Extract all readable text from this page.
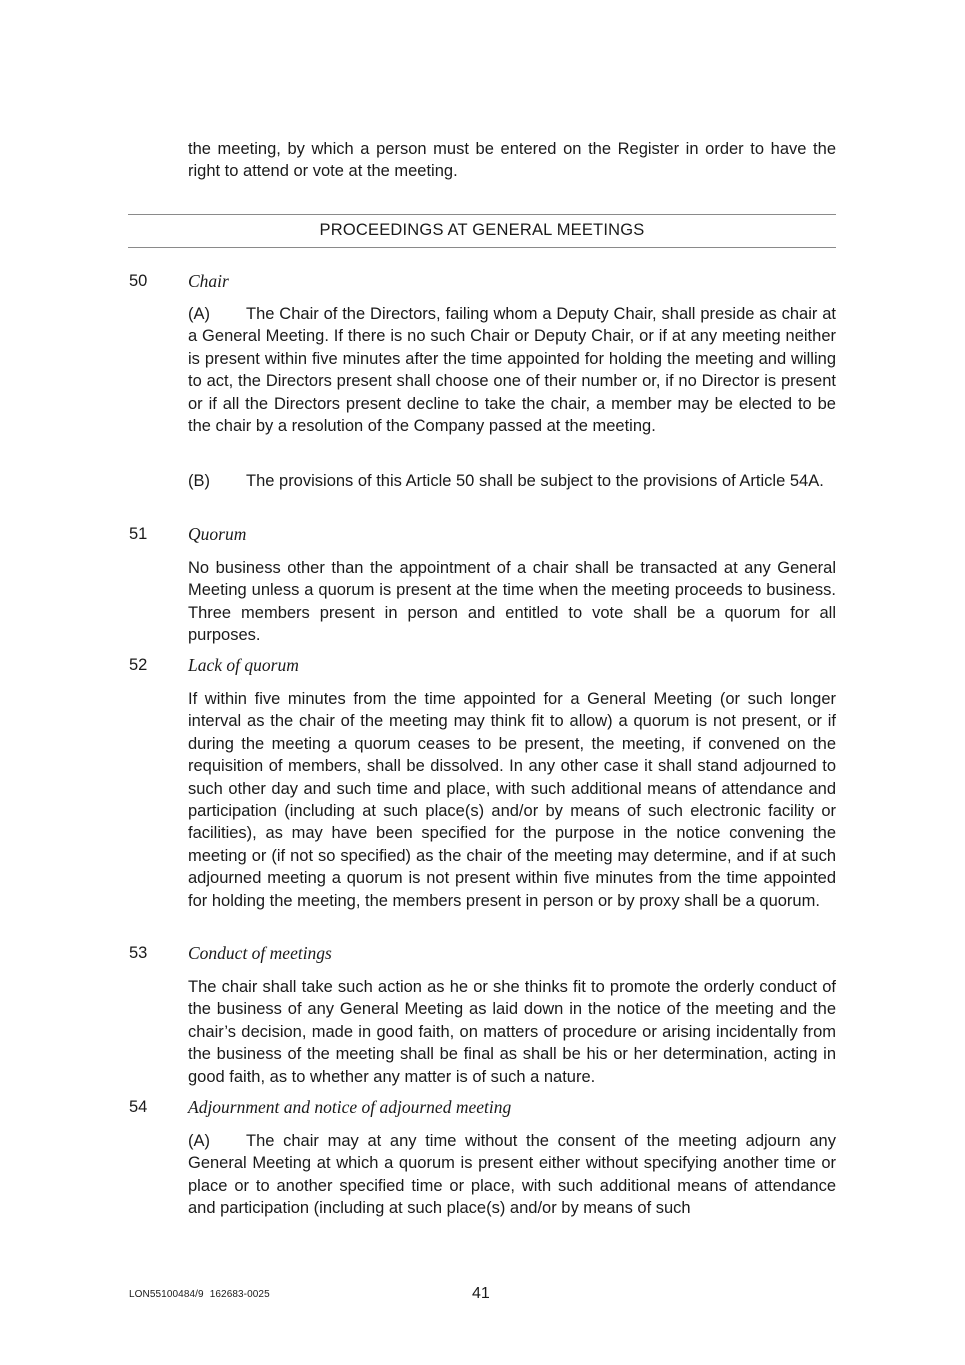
the meeting, by which a person must be entered on the Register in order to have the right to attend or vote at the meeting.

PROCEEDINGS AT GENERAL MEETINGS

50 Chair

(A) The Chair of the Directors, failing whom a Deputy Chair, shall preside as chair at a General Meeting. If there is no such Chair or Deputy Chair, or if at any meeting neither is present within five minutes after the time appointed for holding the meeting and willing to act, the Directors present shall choose one of their number or, if no Director is present or if all the Directors present decline to take the chair, a member may be elected to be the chair by a resolution of the Company passed at the meeting.

(B) The provisions of this Article 50 shall be subject to the provisions of Article 54A.

51 Quorum

No business other than the appointment of a chair shall be transacted at any General Meeting unless a quorum is present at the time when the meeting proceeds to business. Three members present in person and entitled to vote shall be a quorum for all purposes.

52 Lack of quorum

If within five minutes from the time appointed for a General Meeting (or such longer interval as the chair of the meeting may think fit to allow) a quorum is not present, or if during the meeting a quorum ceases to be present, the meeting, if convened on the requisition of members, shall be dissolved. In any other case it shall stand adjourned to such other day and such time and place, with such additional means of attendance and participation (including at such place(s) and/or by means of such electronic facility or facilities), as may have been specified for the purpose in the notice convening the meeting or (if not so specified) as the chair of the meeting may determine, and if at such adjourned meeting a quorum is not present within five minutes from the time appointed for holding the meeting, the members present in person or by proxy shall be a quorum.

53 Conduct of meetings

The chair shall take such action as he or she thinks fit to promote the orderly conduct of the business of any General Meeting as laid down in the notice of the meeting and the chair’s decision, made in good faith, on matters of procedure or arising incidentally from the business of the meeting shall be final as shall be his or her determination, acting in good faith, as to whether any matter is of such a nature.

54 Adjournment and notice of adjourned meeting

(A) The chair may at any time without the consent of the meeting adjourn any General Meeting at which a quorum is present either without specifying another time or place or to another specified time or place, with such additional means of attendance and participation (including at such place(s) and/or by means of such

LON55100484/9 162683-0025	41
